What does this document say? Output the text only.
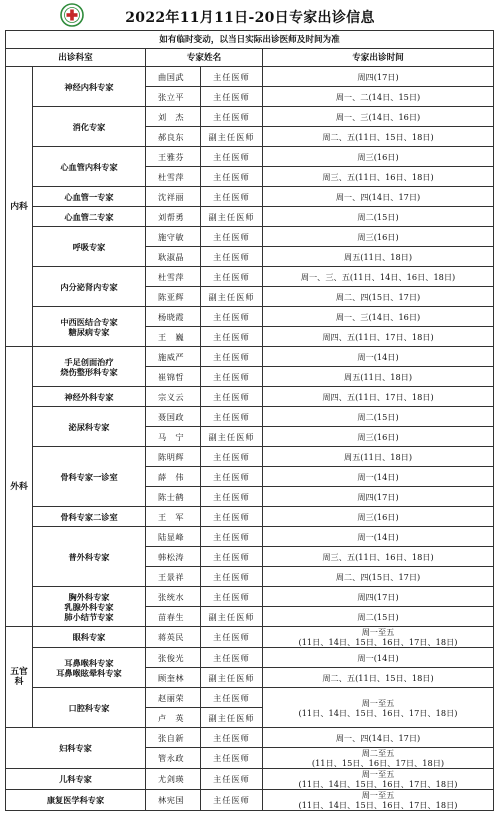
2022年11月11日-20日专家出诊信息
如有临时变动，以当日实际出诊医师及时间为准				
出诊科室		专家姓名		专家出诊时间
内科	神经内科专家	曲国武	主任医师	周四(17日)
		张立平	主任医师	周一、二(14日、15日)
	消化专家	刘　杰	主任医师	周一、三(14日、16日)
		郝良东	副主任医师	周二、五(11日、15日、18日)
	心血管内科专家	王雅芬	主任医师	周三(16日)
		杜雪萍	主任医师	周三、五(11日、16日、18日)
	心血管一专家	沈祥丽	主任医师	周一、四(14日、17日)
	心血管二专家	刘帮勇	副主任医师	周二(15日)
	呼吸专家	施守敏	主任医师	周三(16日)
		耿淑晶	主任医师	周五(11日、18日)
	内分泌肾内专家	杜雪萍	主任医师	周一、三、五(11日、14日、16日、18日)
		陈亚辉	副主任医师	周二、四(15日、17日)

	中西医结合专家
糖尿病专家	杨晓霞	主任医师	周一、三(14日、16日)
		王　巍	主任医师	周四、五(11日、17日、18日)
外科	手足创面治疗
烧伤整形科专家	施威严	主任医师	周一(14日)
		崔锦哲	主任医师	周五(11日、18日)
	神经外科专家	宗义云	主任医师	周四、五(11日、17日、18日)
	泌尿科专家	聂国政	主任医师	周二(15日)
		马　宁	副主任医师	周三(16日)
	骨科专家一诊室	陈明辉	主任医师	周五(11日、18日)
		薛　伟	主任医师	周一(14日)
		陈士鹤	主任医师	周四(17日)
	骨科专家二诊室	王　军	主任医师	周三(16日)
	普外科专家	陆显峰	主任医师	周一(14日)
		韩松涛	主任医师	周三、五(11日、16日、18日)
		王景祥	主任医师	周二、四(15日、17日)

	胸外科专家
乳腺外科专家
肺小结节专家	张统水	主任医师	周四(17日)
		苗春生	副主任医师	周二(15日)
五官科	眼科专家	蒋英民	主任医师	周一至五
(11日、14日、15日、16日、17日、18日)

	耳鼻喉科专家
耳鼻喉眩晕科专家	张俊光	主任医师	周一(14日)
		顾奎林	副主任医师	周二、五(11日、15日、18日)
	口腔科专家	赵丽荣	主任医师	周一至五
(11日、14日、15日、16日、17日、18日)

		卢　英	副主任医师	
妇科专家		张自新	主任医师	周一、四(14日、17日)
		管永政	主任医师	周二至五
(11日、15日、16日、17日、18日)

儿科专家		尤剑瑛	主任医师	周一至五
(11日、14日、15日、16日、17日、18日)

康复医学科专家		林宪国	主任医师	周一至五
(11日、14日、15日、16日、17日、18日)
